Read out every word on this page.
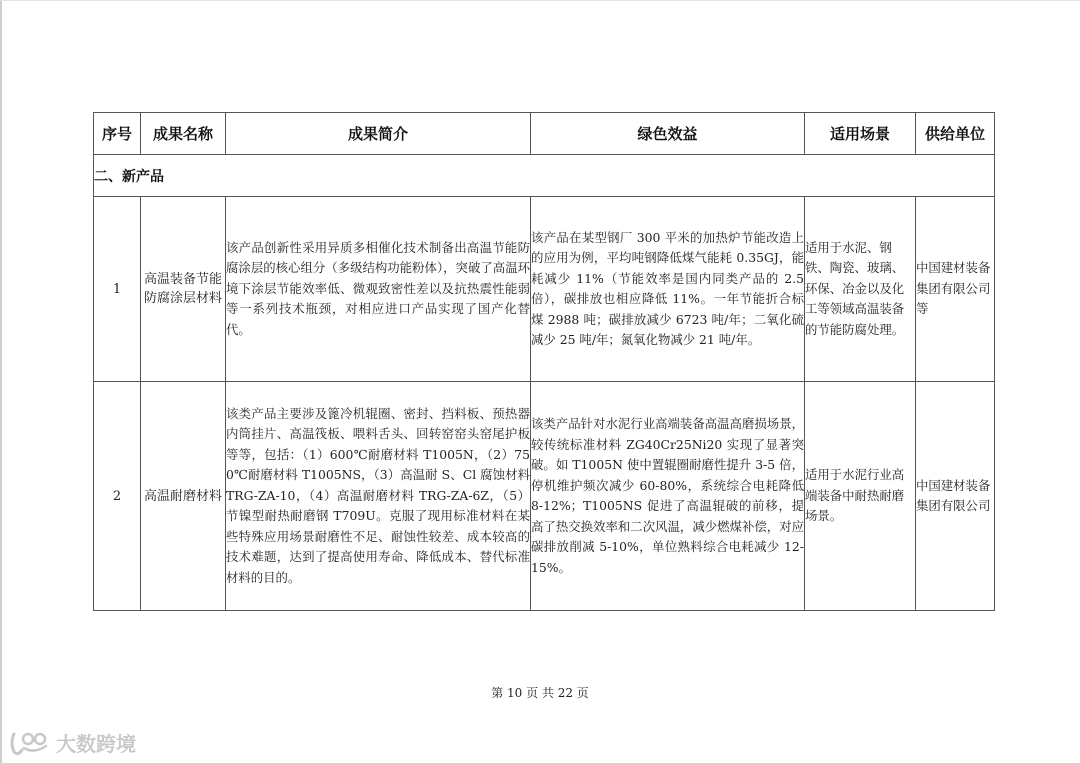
序号	成果名称	成果简介	绿色效益	适用场景	供给单位
二、新产品					
1	高温装备节能防腐涂层材料	该产品创新性采用异质多相催化技术制备出高温节能防腐涂层的核心组分（多级结构功能粉体），突破了高温环境下涂层节能效率低、微观致密性差以及抗热震性能弱等一系列技术瓶颈，对相应进口产品实现了国产化替代。	该产品在某型钢厂 300 平米的加热炉节能改造上的应用为例，平均吨钢降低煤气能耗 0.35GJ，能耗减少 11%（节能效率是国内同类产品的 2.5 倍），碳排放也相应降低 11%。一年节能折合标煤 2988 吨；碳排放减少 6723 吨/年；二氧化硫减少 25 吨/年；氮氧化物减少 21 吨/年。	适用于水泥、钢铁、陶瓷、玻璃、环保、冶金以及化工等领域高温装备的节能防腐处理。	中国建材装备集团有限公司等
2	高温耐磨材料	该类产品主要涉及篦冷机辊圈、密封、挡料板、预热器内筒挂片、高温筏板、喂料舌头、回转窑窑头窑尾护板等等，包括：（1）600℃耐磨材料 T1005N，（2）750℃耐磨材料 T1005NS，（3）高温耐 S、Cl 腐蚀材料 TRG-ZA-10，（4）高温耐磨材料 TRG-ZA-6Z，（5）节镍型耐热耐磨钢 T709U。克服了现用标准材料在某些特殊应用场景耐磨性不足、耐蚀性较差、成本较高的技术难题，达到了提高使用寿命、降低成本、替代标准材料的目的。	该类产品针对水泥行业高端装备高温高磨损场景，较传统标准材料 ZG40Cr25Ni20 实现了显著突破。如 T1005N 使中置辊圈耐磨性提升 3-5 倍，停机维护频次减少 60-80%，系统综合电耗降低 8-12%；T1005NS 促进了高温辊破的前移，提高了热交换效率和二次风温，减少燃煤补偿，对应碳排放削减 5-10%，单位熟料综合电耗减少 12-15%。	适用于水泥行业高端装备中耐热耐磨场景。	中国建材装备集团有限公司
第 10 页 共 22 页
大数跨境
